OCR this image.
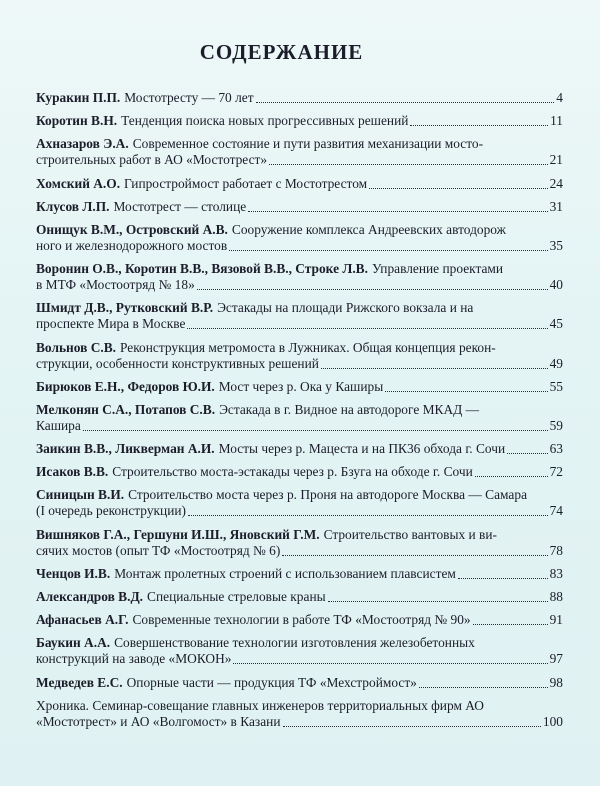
СОДЕРЖАНИЕ
Куракин П.П. Мостотресту — 70 лет	4
Коротин В.Н. Тенденция поиска новых прогрессивных решений	11
Ахназаров Э.А. Современное состояние и пути развития механизации мосто-
строительных работ в АО «Мостотрест»	21
Хомский А.О. Гипростроймост работает с Мостотрестом	24
Клусов Л.П. Мостотрест — столице	31
Онищук В.М., Островский А.В. Сооружение комплекса Андреевских автодорож
ного и железнодорожного мостов	35
Воронин О.В., Коротин В.В., Вязовой В.В., Строке Л.В. Управление проектами
в МТФ «Мостоотряд № 18»	40
Шмидт Д.В., Рутковский В.Р. Эстакады на площади Рижского вокзала и на
проспекте Мира в Москве	45
Вольнов С.В. Реконструкция метромоста в Лужниках. Общая концепция рекон-
струкции, особенности конструктивных решений	49
Бирюков Е.Н., Федоров Ю.И. Мост через р. Ока у Каширы	55
Мелконян С.А., Потапов С.В. Эстакада в г. Видное на автодороге МКАД —
Кашира	59
Заикин В.В., Ликверман А.И. Мосты через р. Мацеста и на ПК36 обхода г. Сочи	63
Исаков В.В. Строительство моста-эстакады через р. Бзуга на обходе г. Сочи	72
Синицын В.И. Строительство моста через р. Проня на автодороге Москва — Самара
(I очередь реконструкции)	74
Вишняков Г.А., Гершуни И.Ш., Яновский Г.М. Строительство вантовых и ви-
сячих мостов (опыт ТФ «Мостоотряд № 6)	78
Ченцов И.В. Монтаж пролетных строений с использованием плавсистем	83
Александров В.Д. Специальные стреловые краны	88
Афанасьев А.Г. Современные технологии в работе ТФ «Мостоотряд № 90»	91
Баукин А.А. Совершенствование технологии изготовления железобетонных
конструкций на заводе «МОКОН»	97
Медведев Е.С. Опорные части — продукция ТФ «Мехстроймост»	98
Хроника. Семинар-совещание главных инженеров территориальных фирм АО
«Мостотрест» и АО «Волгомост» в Казани	100
